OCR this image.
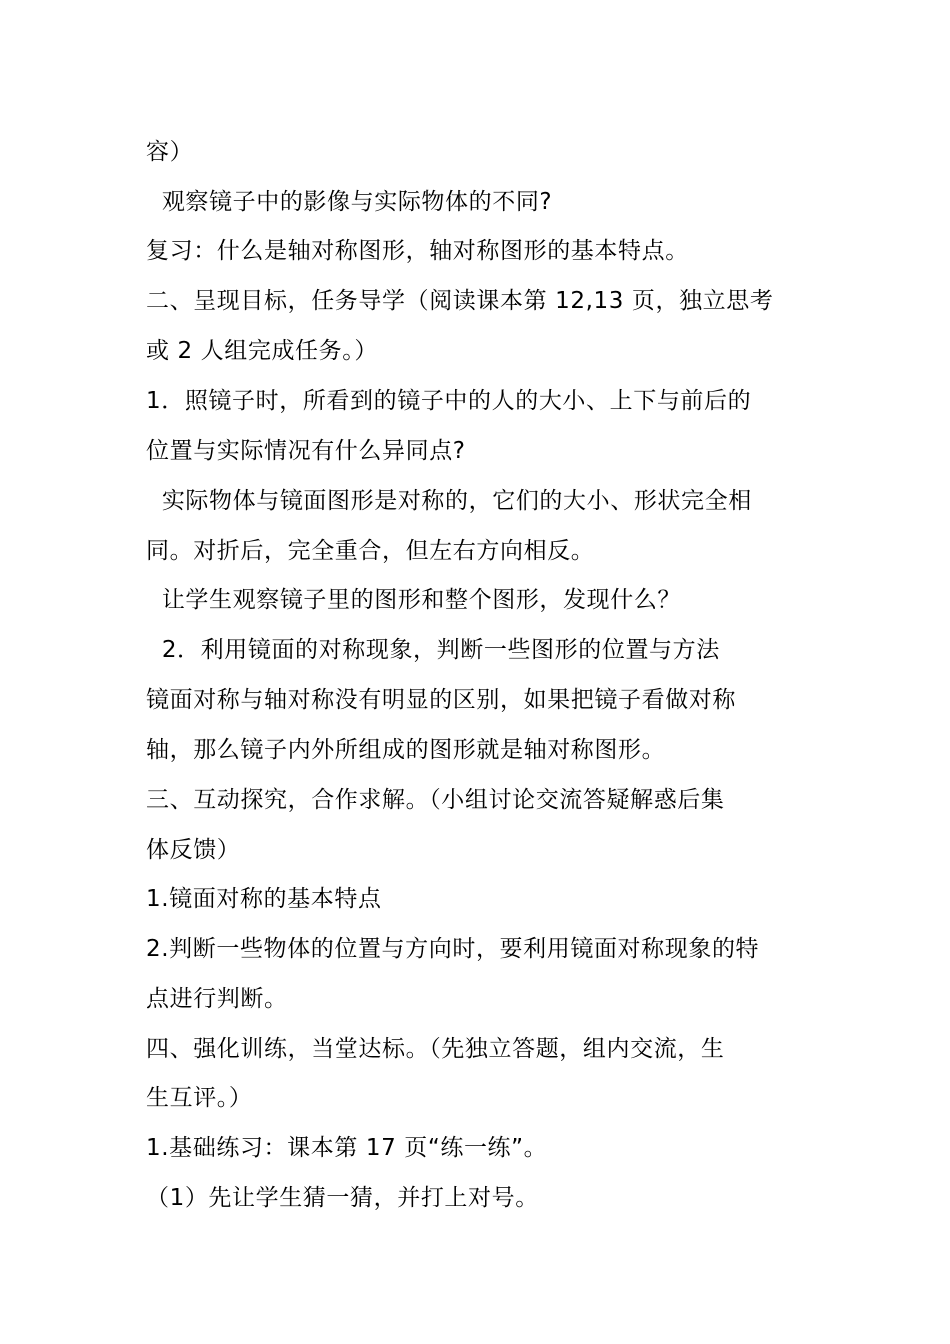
容）
观察镜子中的影像与实际物体的不同?
复习：什么是轴对称图形，轴对称图形的基本特点。
二、呈现目标，任务导学（阅读课本第 12,13 页，独立思考
或 2 人组完成任务。）
1．照镜子时，所看到的镜子中的人的大小、上下与前后的
位置与实际情况有什么异同点?
实际物体与镜面图形是对称的，它们的大小、形状完全相
同。对折后，完全重合，但左右方向相反。
让学生观察镜子里的图形和整个图形，发现什么？
2．利用镜面的对称现象，判断一些图形的位置与方法
镜面对称与轴对称没有明显的区别，如果把镜子看做对称
轴，那么镜子内外所组成的图形就是轴对称图形。
三、互动探究，合作求解。（小组讨论交流答疑解惑后集
体反馈）
1.镜面对称的基本特点
2.判断一些物体的位置与方向时，要利用镜面对称现象的特
点进行判断。
四、强化训练，当堂达标。（先独立答题，组内交流，生
生互评。）
1.基础练习：课本第 17 页“练一练”。
（1）先让学生猜一猜，并打上对号。
